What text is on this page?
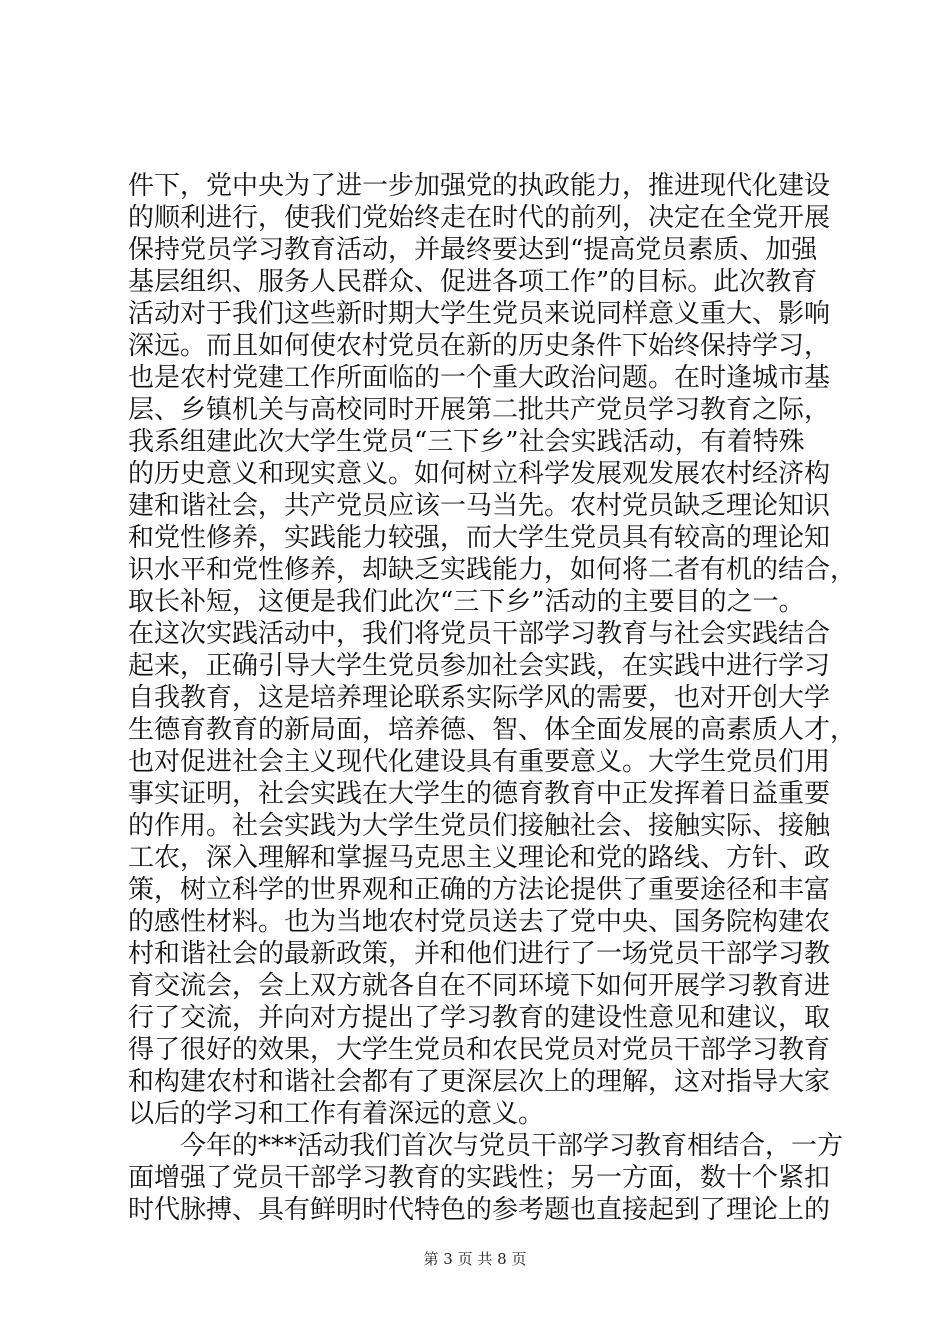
件下，党中央为了进一步加强党的执政能力，推进现代化建设
的顺利进行，使我们党始终走在时代的前列，决定在全党开展
保持党员学习教育活动，并最终要达到“提高党员素质、加强
基层组织、服务人民群众、促进各项工作”的目标。此次教育
活动对于我们这些新时期大学生党员来说同样意义重大、影响
深远。而且如何使农村党员在新的历史条件下始终保持学习，
也是农村党建工作所面临的一个重大政治问题。在时逢城市基
层、乡镇机关与高校同时开展第二批共产党员学习教育之际，
我系组建此次大学生党员“三下乡”社会实践活动，有着特殊
的历史意义和现实意义。如何树立科学发展观发展农村经济构
建和谐社会，共产党员应该一马当先。农村党员缺乏理论知识
和党性修养，实践能力较强，而大学生党员具有较高的理论知
识水平和党性修养，却缺乏实践能力，如何将二者有机的结合，
取长补短，这便是我们此次“三下乡”活动的主要目的之一。
在这次实践活动中，我们将党员干部学习教育与社会实践结合
起来，正确引导大学生党员参加社会实践，在实践中进行学习
自我教育，这是培养理论联系实际学风的需要，也对开创大学
生德育教育的新局面，培养德、智、体全面发展的高素质人才，
也对促进社会主义现代化建设具有重要意义。大学生党员们用
事实证明，社会实践在大学生的德育教育中正发挥着日益重要
的作用。社会实践为大学生党员们接触社会、接触实际、接触
工农，深入理解和掌握马克思主义理论和党的路线、方针、政
策，树立科学的世界观和正确的方法论提供了重要途径和丰富
的感性材料。也为当地农村党员送去了党中央、国务院构建农
村和谐社会的最新政策，并和他们进行了一场党员干部学习教
育交流会，会上双方就各自在不同环境下如何开展学习教育进
行了交流，并向对方提出了学习教育的建设性意见和建议，取
得了很好的效果，大学生党员和农民党员对党员干部学习教育
和构建农村和谐社会都有了更深层次上的理解，这对指导大家
以后的学习和工作有着深远的意义。
　　今年的***活动我们首次与党员干部学习教育相结合，一方
面增强了党员干部学习教育的实践性；另一方面，数十个紧扣
时代脉搏、具有鲜明时代特色的参考题也直接起到了理论上的
第 3 页 共 8 页
